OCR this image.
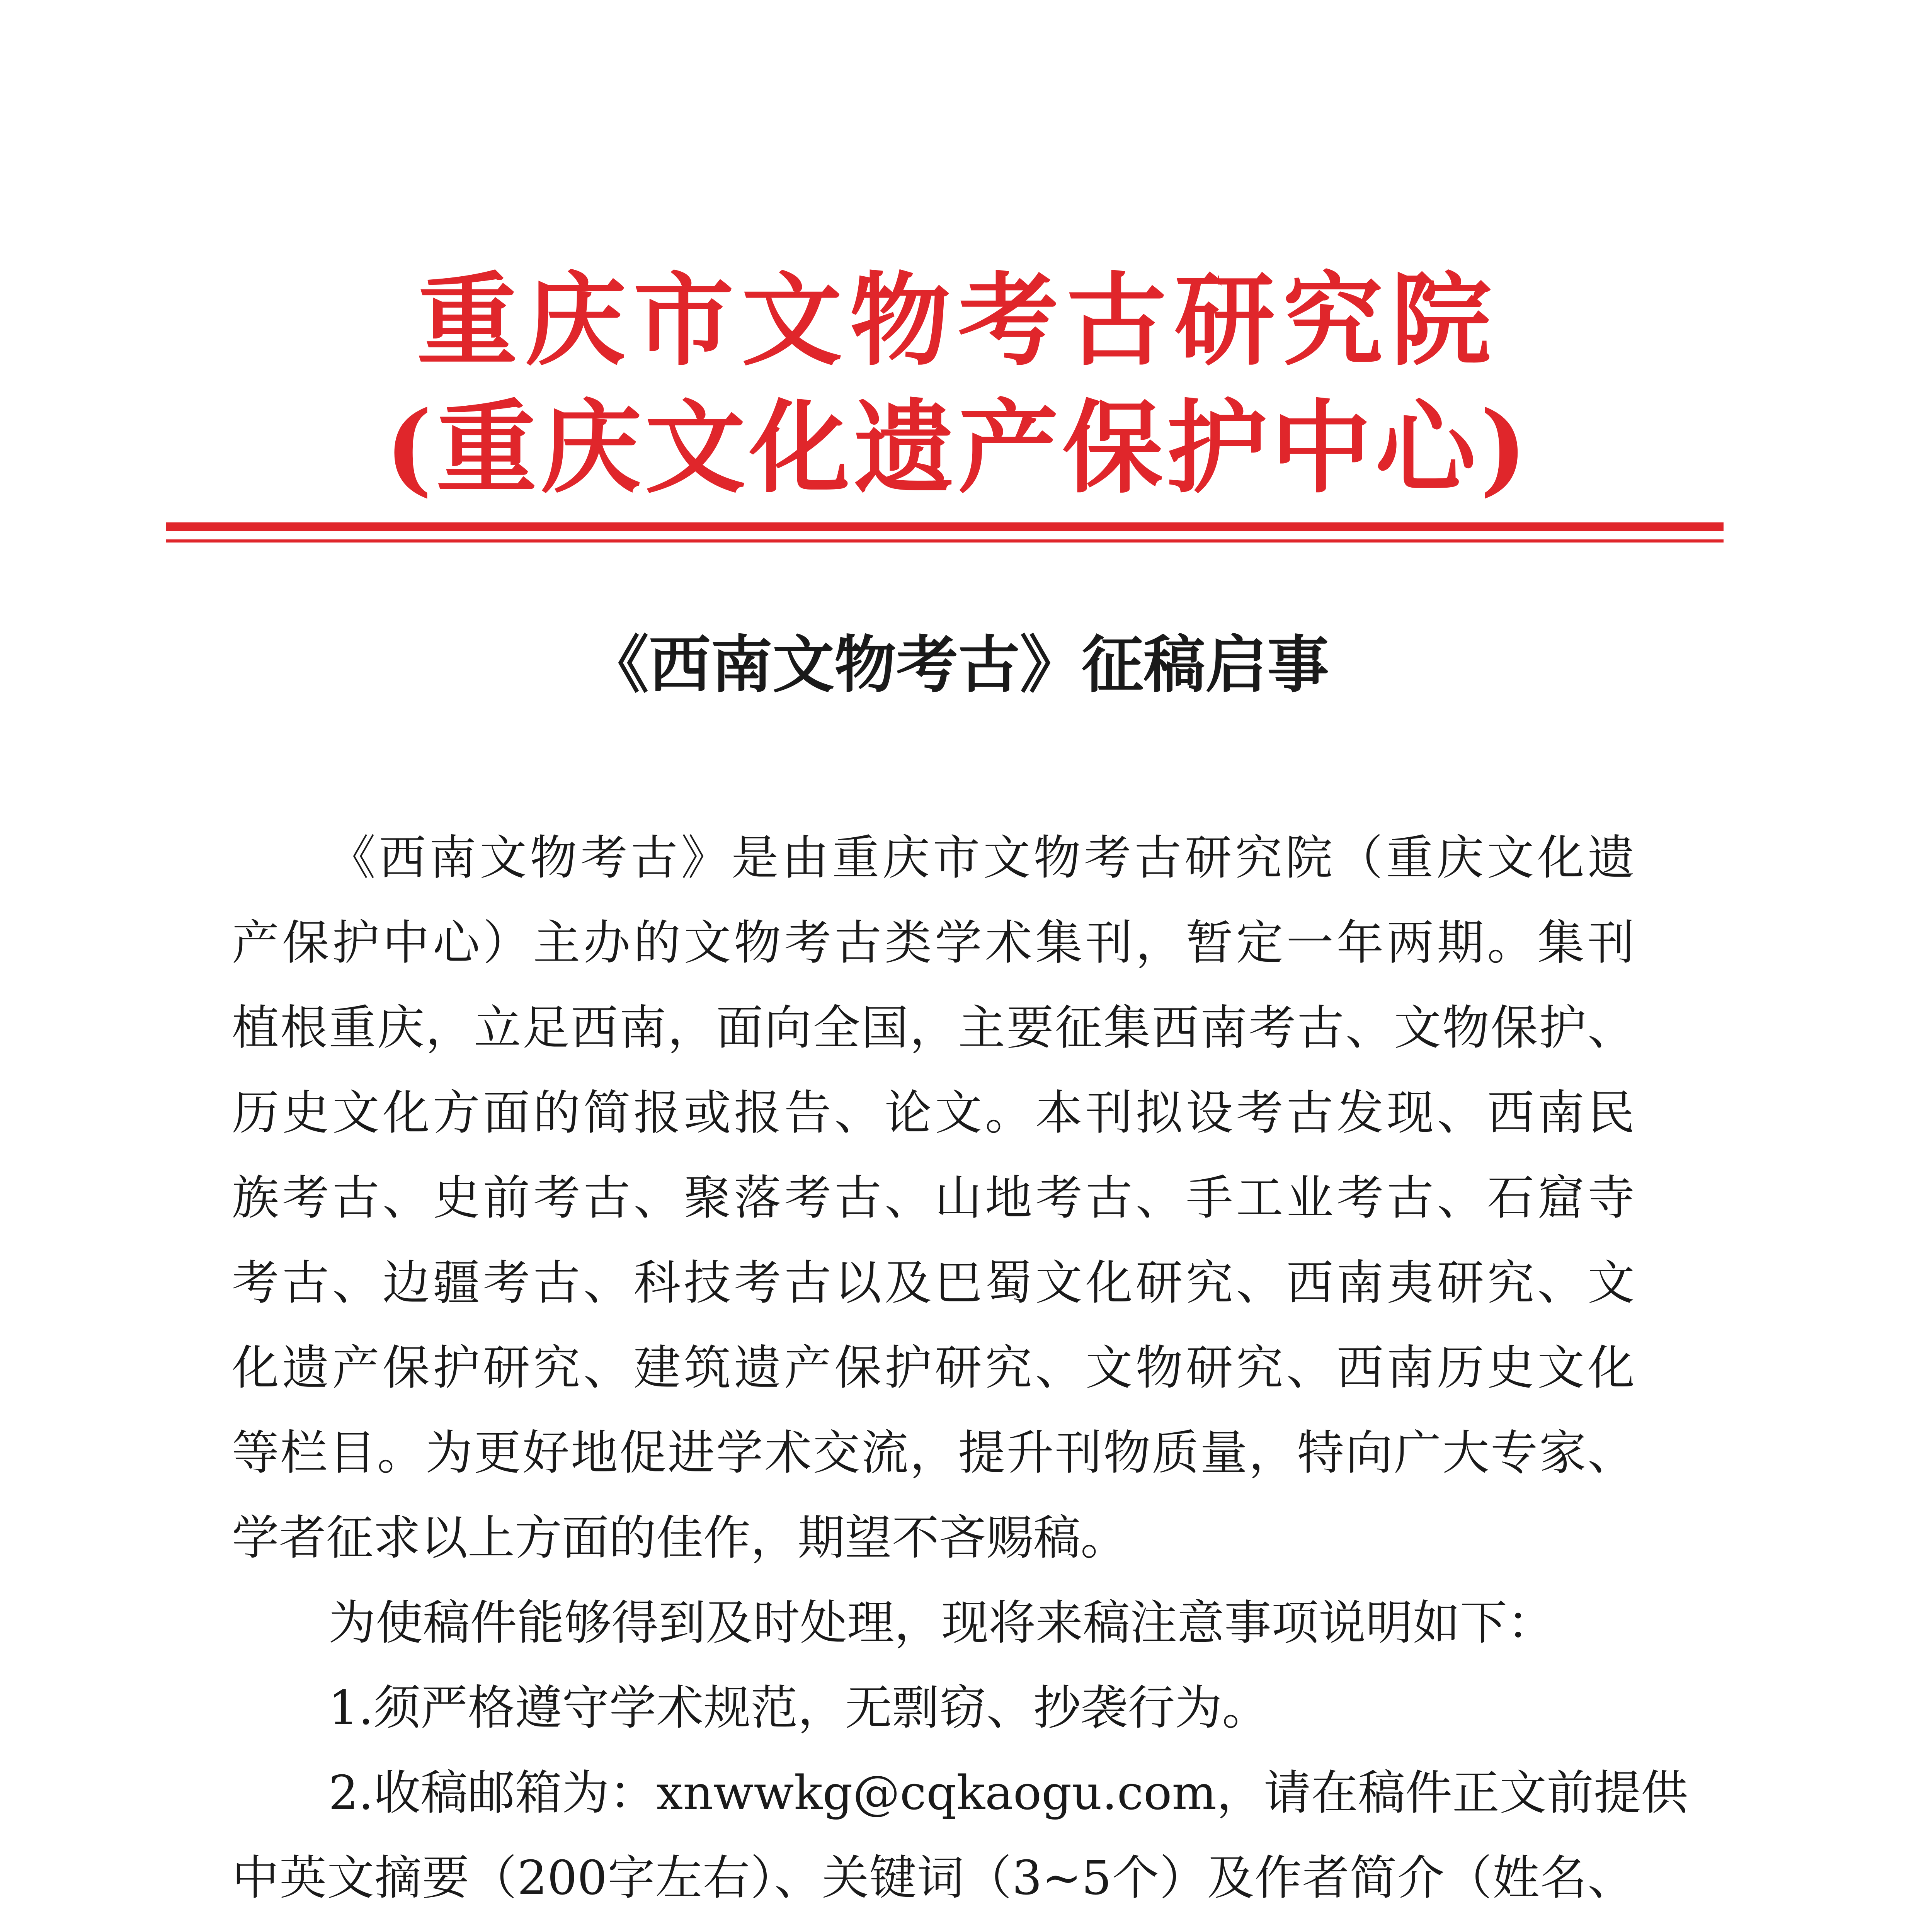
重庆市文物考古研究院
(重庆文化遗产保护中心)
《西南文物考古》征稿启事
《西南文物考古》是由重庆市文物考古研究院（重庆文化遗
产保护中心）主办的文物考古类学术集刊，暂定一年两期。集刊
植根重庆，立足西南，面向全国，主要征集西南考古、文物保护、
历史文化方面的简报或报告、论文。本刊拟设考古发现、西南民
族考古、史前考古、聚落考古、山地考古、手工业考古、石窟寺
考古、边疆考古、科技考古以及巴蜀文化研究、西南夷研究、文
化遗产保护研究、建筑遗产保护研究、文物研究、西南历史文化
等栏目。为更好地促进学术交流，提升刊物质量，特向广大专家、
学者征求以上方面的佳作，期望不吝赐稿。
为使稿件能够得到及时处理，现将来稿注意事项说明如下：
1.须严格遵守学术规范，无剽窃、抄袭行为。
2.收稿邮箱为：xnwwkg@cqkaogu.com，请在稿件正文前提供
中英文摘要（200字左右）、关键词（3~5个）及作者简介（姓名、
